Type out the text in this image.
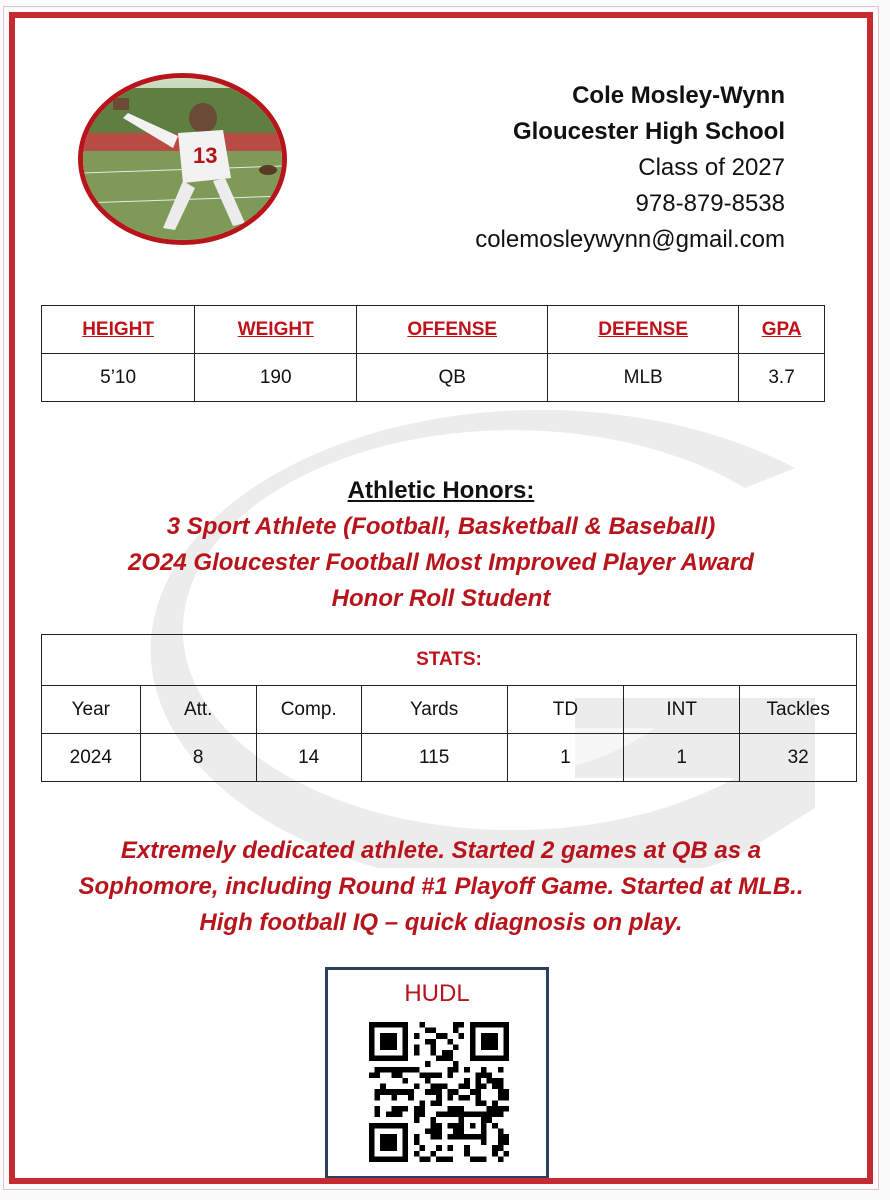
13
Cole Mosley-Wynn
Gloucester High School
Class of 2027
978-879-8538
colemosleywynn@gmail.com
HEIGHT	WEIGHT	OFFENSE	DEFENSE	GPA
5’10	190	QB	MLB	3.7
Athletic Honors:
3 Sport Athlete (Football, Basketball & Baseball)
2O24 Gloucester Football Most Improved Player Award
Honor Roll Student
STATS:						
Year	Att.	Comp.	Yards	TD	INT	Tackles
2024	8	14	115	1	1	32
Extremely dedicated athlete. Started 2 games at QB as a
Sophomore, including Round #1 Playoff Game. Started at MLB..
High football IQ – quick diagnosis on play.
HUDL
